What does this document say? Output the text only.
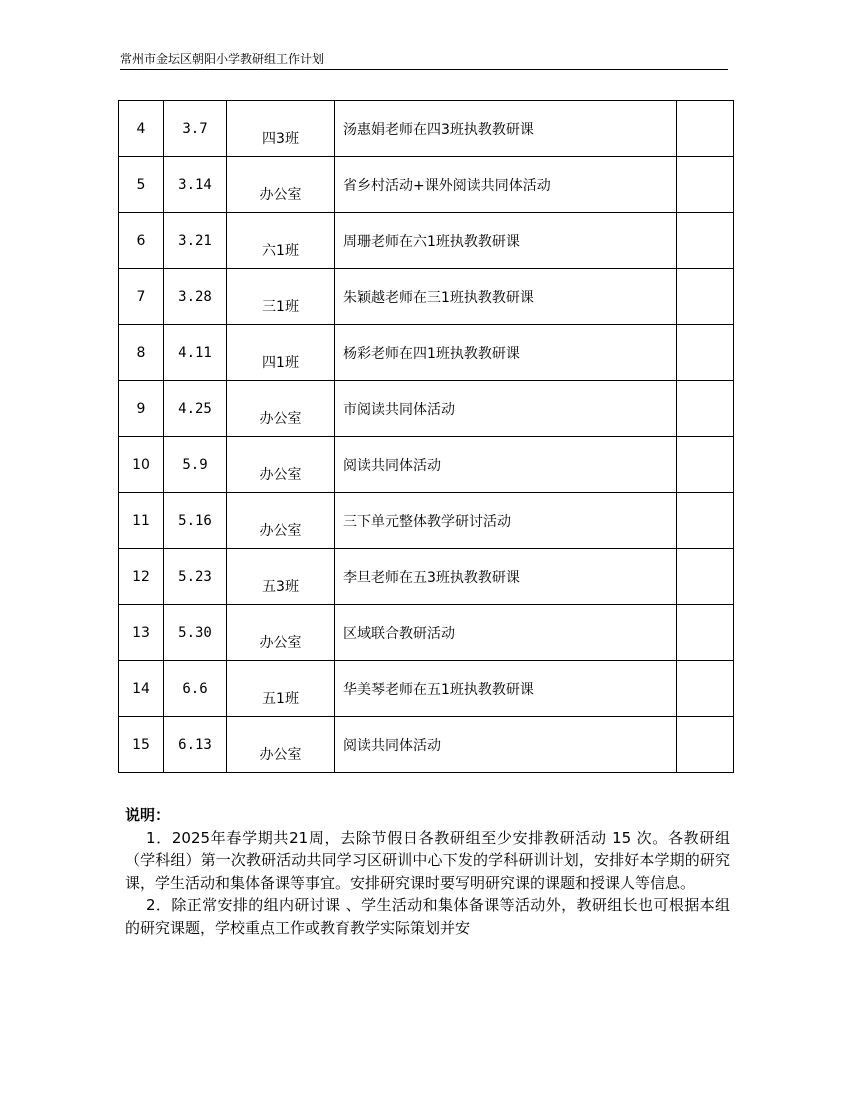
常州市金坛区朝阳小学教研组工作计划
4	3.7	四3班	汤惠娟老师在四3班执教教研课	
5	3.14	办公室	省乡村活动+课外阅读共同体活动	
6	3.21	六1班	周珊老师在六1班执教教研课	
7	3.28	三1班	朱颖越老师在三1班执教教研课	
8	4.11	四1班	杨彩老师在四1班执教教研课	
9	4.25	办公室	市阅读共同体活动	
10	5.9	办公室	阅读共同体活动	
11	5.16	办公室	三下单元整体教学研讨活动	
12	5.23	五3班	李旦老师在五3班执教教研课	
13	5.30	办公室	区域联合教研活动	
14	6.6	五1班	华美琴老师在五1班执教教研课	
15	6.13	办公室	阅读共同体活动	
说明：

1．2025年春学期共21周，去除节假日各教研组至少安排教研活动 15 次。各教研组（学科组）第一次教研活动共同学习区研训中心下发的学科研训计划，安排好本学期的研究课，学生活动和集体备课等事宜。安排研究课时要写明研究课的课题和授课人等信息。

2．除正常安排的组内研讨课 、学生活动和集体备课等活动外，教研组长也可根据本组的研究课题，学校重点工作或教育教学实际策划并安
